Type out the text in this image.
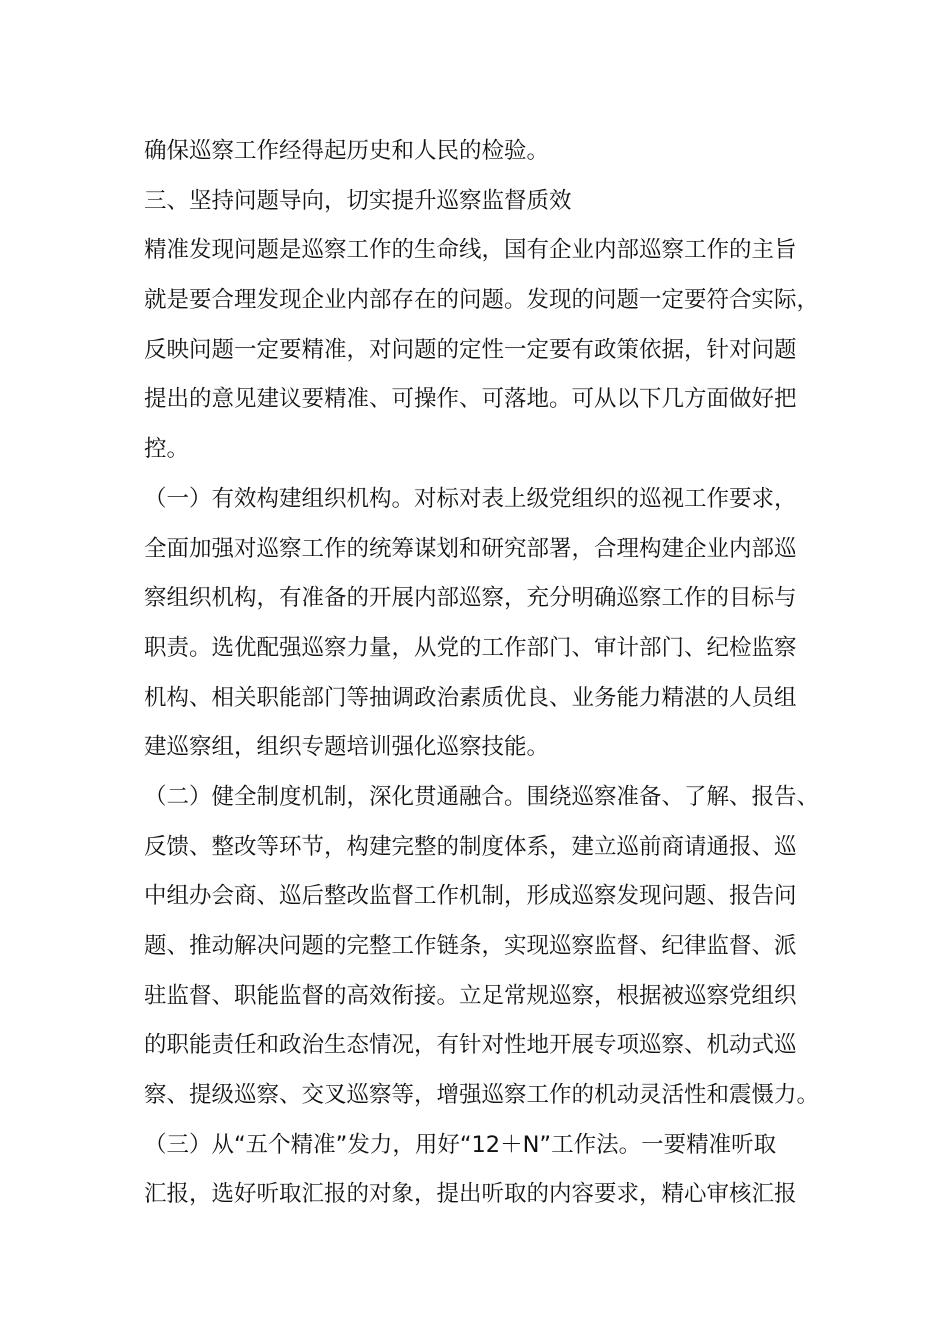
确保巡察工作经得起历史和人民的检验。
三、坚持问题导向，切实提升巡察监督质效
精准发现问题是巡察工作的生命线，国有企业内部巡察工作的主旨
就是要合理发现企业内部存在的问题。发现的问题一定要符合实际，
反映问题一定要精准，对问题的定性一定要有政策依据，针对问题
提出的意见建议要精准、可操作、可落地。可从以下几方面做好把
控。
（一）有效构建组织机构。对标对表上级党组织的巡视工作要求，
全面加强对巡察工作的统筹谋划和研究部署，合理构建企业内部巡
察组织机构，有准备的开展内部巡察，充分明确巡察工作的目标与
职责。选优配强巡察力量，从党的工作部门、审计部门、纪检监察
机构、相关职能部门等抽调政治素质优良、业务能力精湛的人员组
建巡察组，组织专题培训强化巡察技能。
（二）健全制度机制，深化贯通融合。围绕巡察准备、了解、报告、
反馈、整改等环节，构建完整的制度体系，建立巡前商请通报、巡
中组办会商、巡后整改监督工作机制，形成巡察发现问题、报告问
题、推动解决问题的完整工作链条，实现巡察监督、纪律监督、派
驻监督、职能监督的高效衔接。立足常规巡察，根据被巡察党组织
的职能责任和政治生态情况，有针对性地开展专项巡察、机动式巡
察、提级巡察、交叉巡察等，增强巡察工作的机动灵活性和震慑力。
（三）从“五个精准”发力，用好“12＋N”工作法。一要精准听取
汇报，选好听取汇报的对象，提出听取的内容要求，精心审核汇报
